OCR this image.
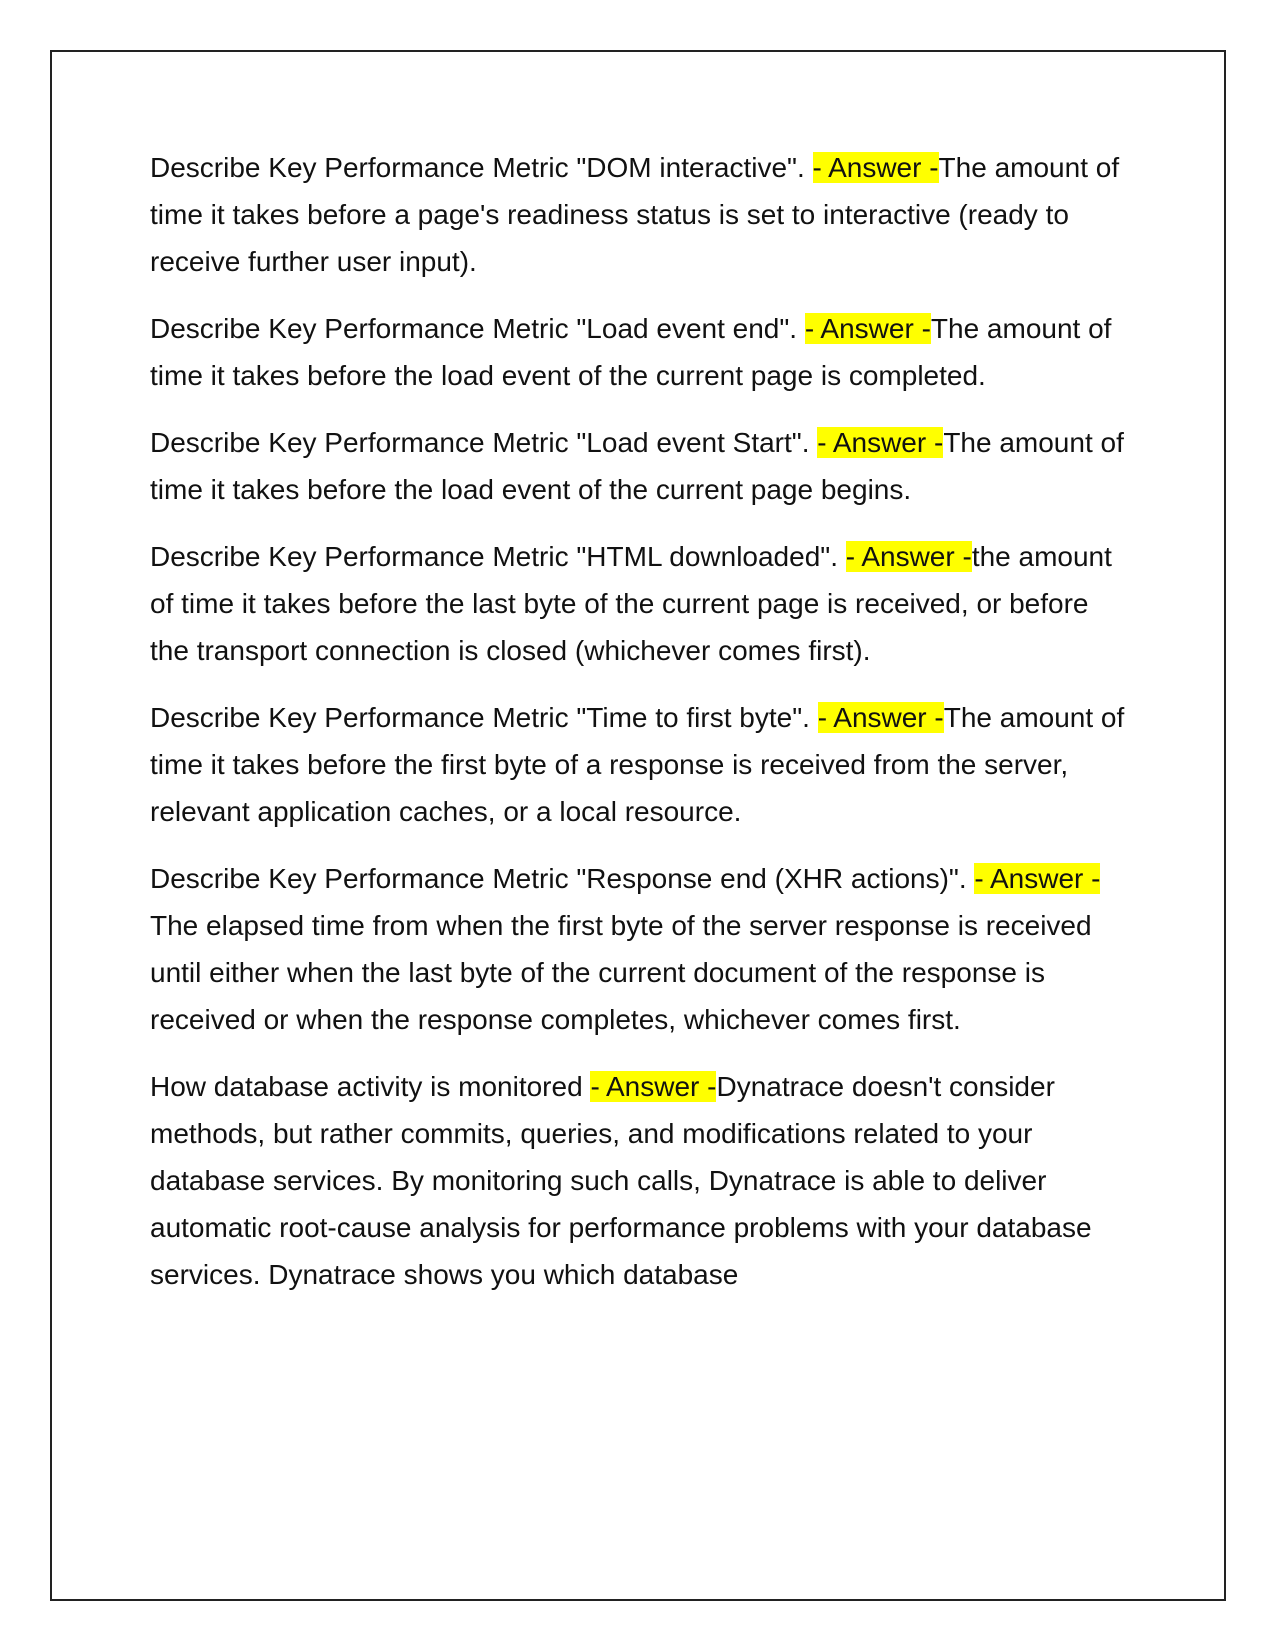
Describe Key Performance Metric "DOM interactive". - Answer -The amount of time it takes before a page's readiness status is set to interactive (ready to receive further user input).

Describe Key Performance Metric "Load event end". - Answer -The amount of time it takes before the load event of the current page is completed.

Describe Key Performance Metric "Load event Start". - Answer -The amount of time it takes before the load event of the current page begins.

Describe Key Performance Metric "HTML downloaded". - Answer -the amount of time it takes before the last byte of the current page is received, or before the transport connection is closed (whichever comes first).

Describe Key Performance Metric "Time to first byte". - Answer -The amount of time it takes before the first byte of a response is received from the server, relevant application caches, or a local resource.

Describe Key Performance Metric "Response end (XHR actions)". - Answer -The elapsed time from when the first byte of the server response is received until either when the last byte of the current document of the response is received or when the response completes, whichever comes first.

How database activity is monitored - Answer -Dynatrace doesn't consider methods, but rather commits, queries, and modifications related to your database services. By monitoring such calls, Dynatrace is able to deliver automatic root-cause analysis for performance problems with your database services. Dynatrace shows you which database
